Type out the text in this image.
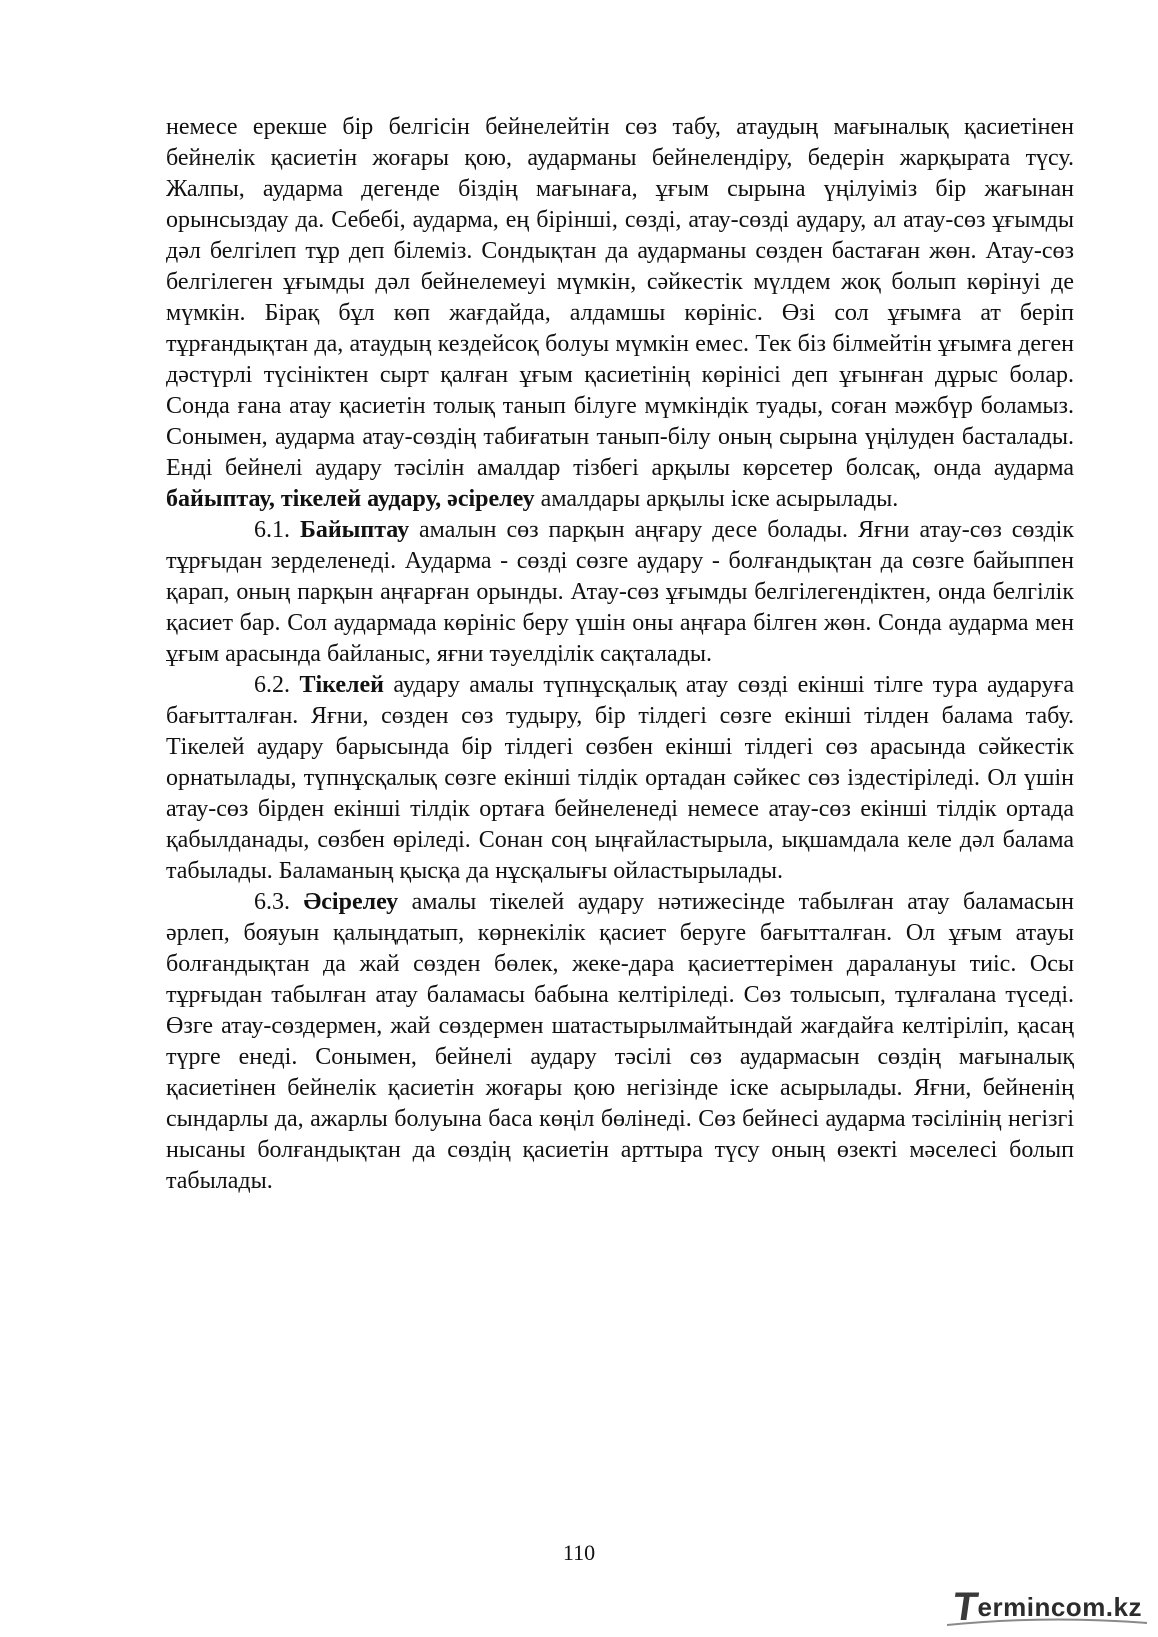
немесе ерекше бір белгісін бейнелейтін сөз табу, атаудың мағыналық қасиетінен бейнелік қасиетін жоғары қою, аударманы бейнелендіру, бедерін жарқырата түсу. Жалпы, аударма дегенде біздің мағынаға, ұғым сырына үңілуіміз бір жағынан орынсыздау да. Себебі, аударма, ең бірінші, сөзді, атау-сөзді аудару, ал атау-сөз ұғымды дәл белгілеп тұр деп білеміз. Сондықтан да аударманы сөзден бастаған жөн. Атау-сөз белгілеген ұғымды дәл бейнелемеуі мүмкін, сәйкестік мүлдем жоқ болып көрінуі де мүмкін. Бірақ бұл көп жағдайда, алдамшы көрініс. Өзі сол ұғымға ат беріп тұрғандықтан да, атаудың кездейсоқ болуы мүмкін емес. Тек біз білмейтін ұғымға деген дәстүрлі түсініктен сырт қалған ұғым қасиетінің көрінісі деп ұғынған дұрыс болар. Сонда ғана атау қасиетін толық танып білуге мүмкіндік туады, соған мәжбүр боламыз. Сонымен, аударма атау-сөздің табиғатын танып-білу оның сырына үңілуден басталады. Енді бейнелі аудару тәсілін амалдар тізбегі арқылы көрсетер болсақ, онда аударма байыптау, тікелей аудару, әсірелеу амалдары арқылы іске асырылады.

6.1. Байыптау амалын сөз парқын аңғару десе болады. Яғни атау-сөз сөздік тұрғыдан зерделенеді. Аударма - сөзді сөзге аудару - болғандықтан да сөзге байыппен қарап, оның парқын аңғарған орынды. Атау-сөз ұғымды белгілегендіктен, онда белгілік қасиет бар. Сол аудармада көрініс беру үшін оны аңғара білген жөн. Сонда аударма мен ұғым арасында байланыс, яғни тәуелділік сақталады.

6.2. Тікелей аудару амалы түпнұсқалық атау сөзді екінші тілге тура аударуға бағытталған. Яғни, сөзден сөз тудыру, бір тілдегі сөзге екінші тілден балама табу. Тікелей аудару барысында бір тілдегі сөзбен екінші тілдегі сөз арасында сәйкестік орнатылады, түпнұсқалық сөзге екінші тілдік ортадан сәйкес сөз іздестіріледі. Ол үшін атау-сөз бірден екінші тілдік ортаға бейнеленеді немесе атау-сөз екінші тілдік ортада қабылданады, сөзбен өріледі. Сонан соң ыңғайластырыла, ықшамдала келе дәл балама табылады. Баламаның қысқа да нұсқалығы ойластырылады.

6.3. Әсірелеу амалы тікелей аудару нәтижесінде табылған атау баламасын әрлеп, бояуын қалыңдатып, көрнекілік қасиет беруге бағытталған. Ол ұғым атауы болғандықтан да жай сөзден бөлек, жеке-дара қасиеттерімен даралануы тиіс. Осы тұрғыдан табылған атау баламасы бабына келтіріледі. Сөз толысып, тұлғалана түседі. Өзге атау-сөздермен, жай сөздермен шатастырылмайтындай жағдайға келтіріліп, қасаң түрге енеді. Сонымен, бейнелі аудару тәсілі сөз аудармасын сөздің мағыналық қасиетінен бейнелік қасиетін жоғары қою негізінде іске асырылады. Яғни, бейненің сындарлы да, ажарлы болуына баса көңіл бөлінеді. Сөз бейнесі аударма тәсілінің негізгі нысаны болғандықтан да сөздің қасиетін арттыра түсу оның өзекті мәселесі болып табылады.

110
T
ermincom.kz
